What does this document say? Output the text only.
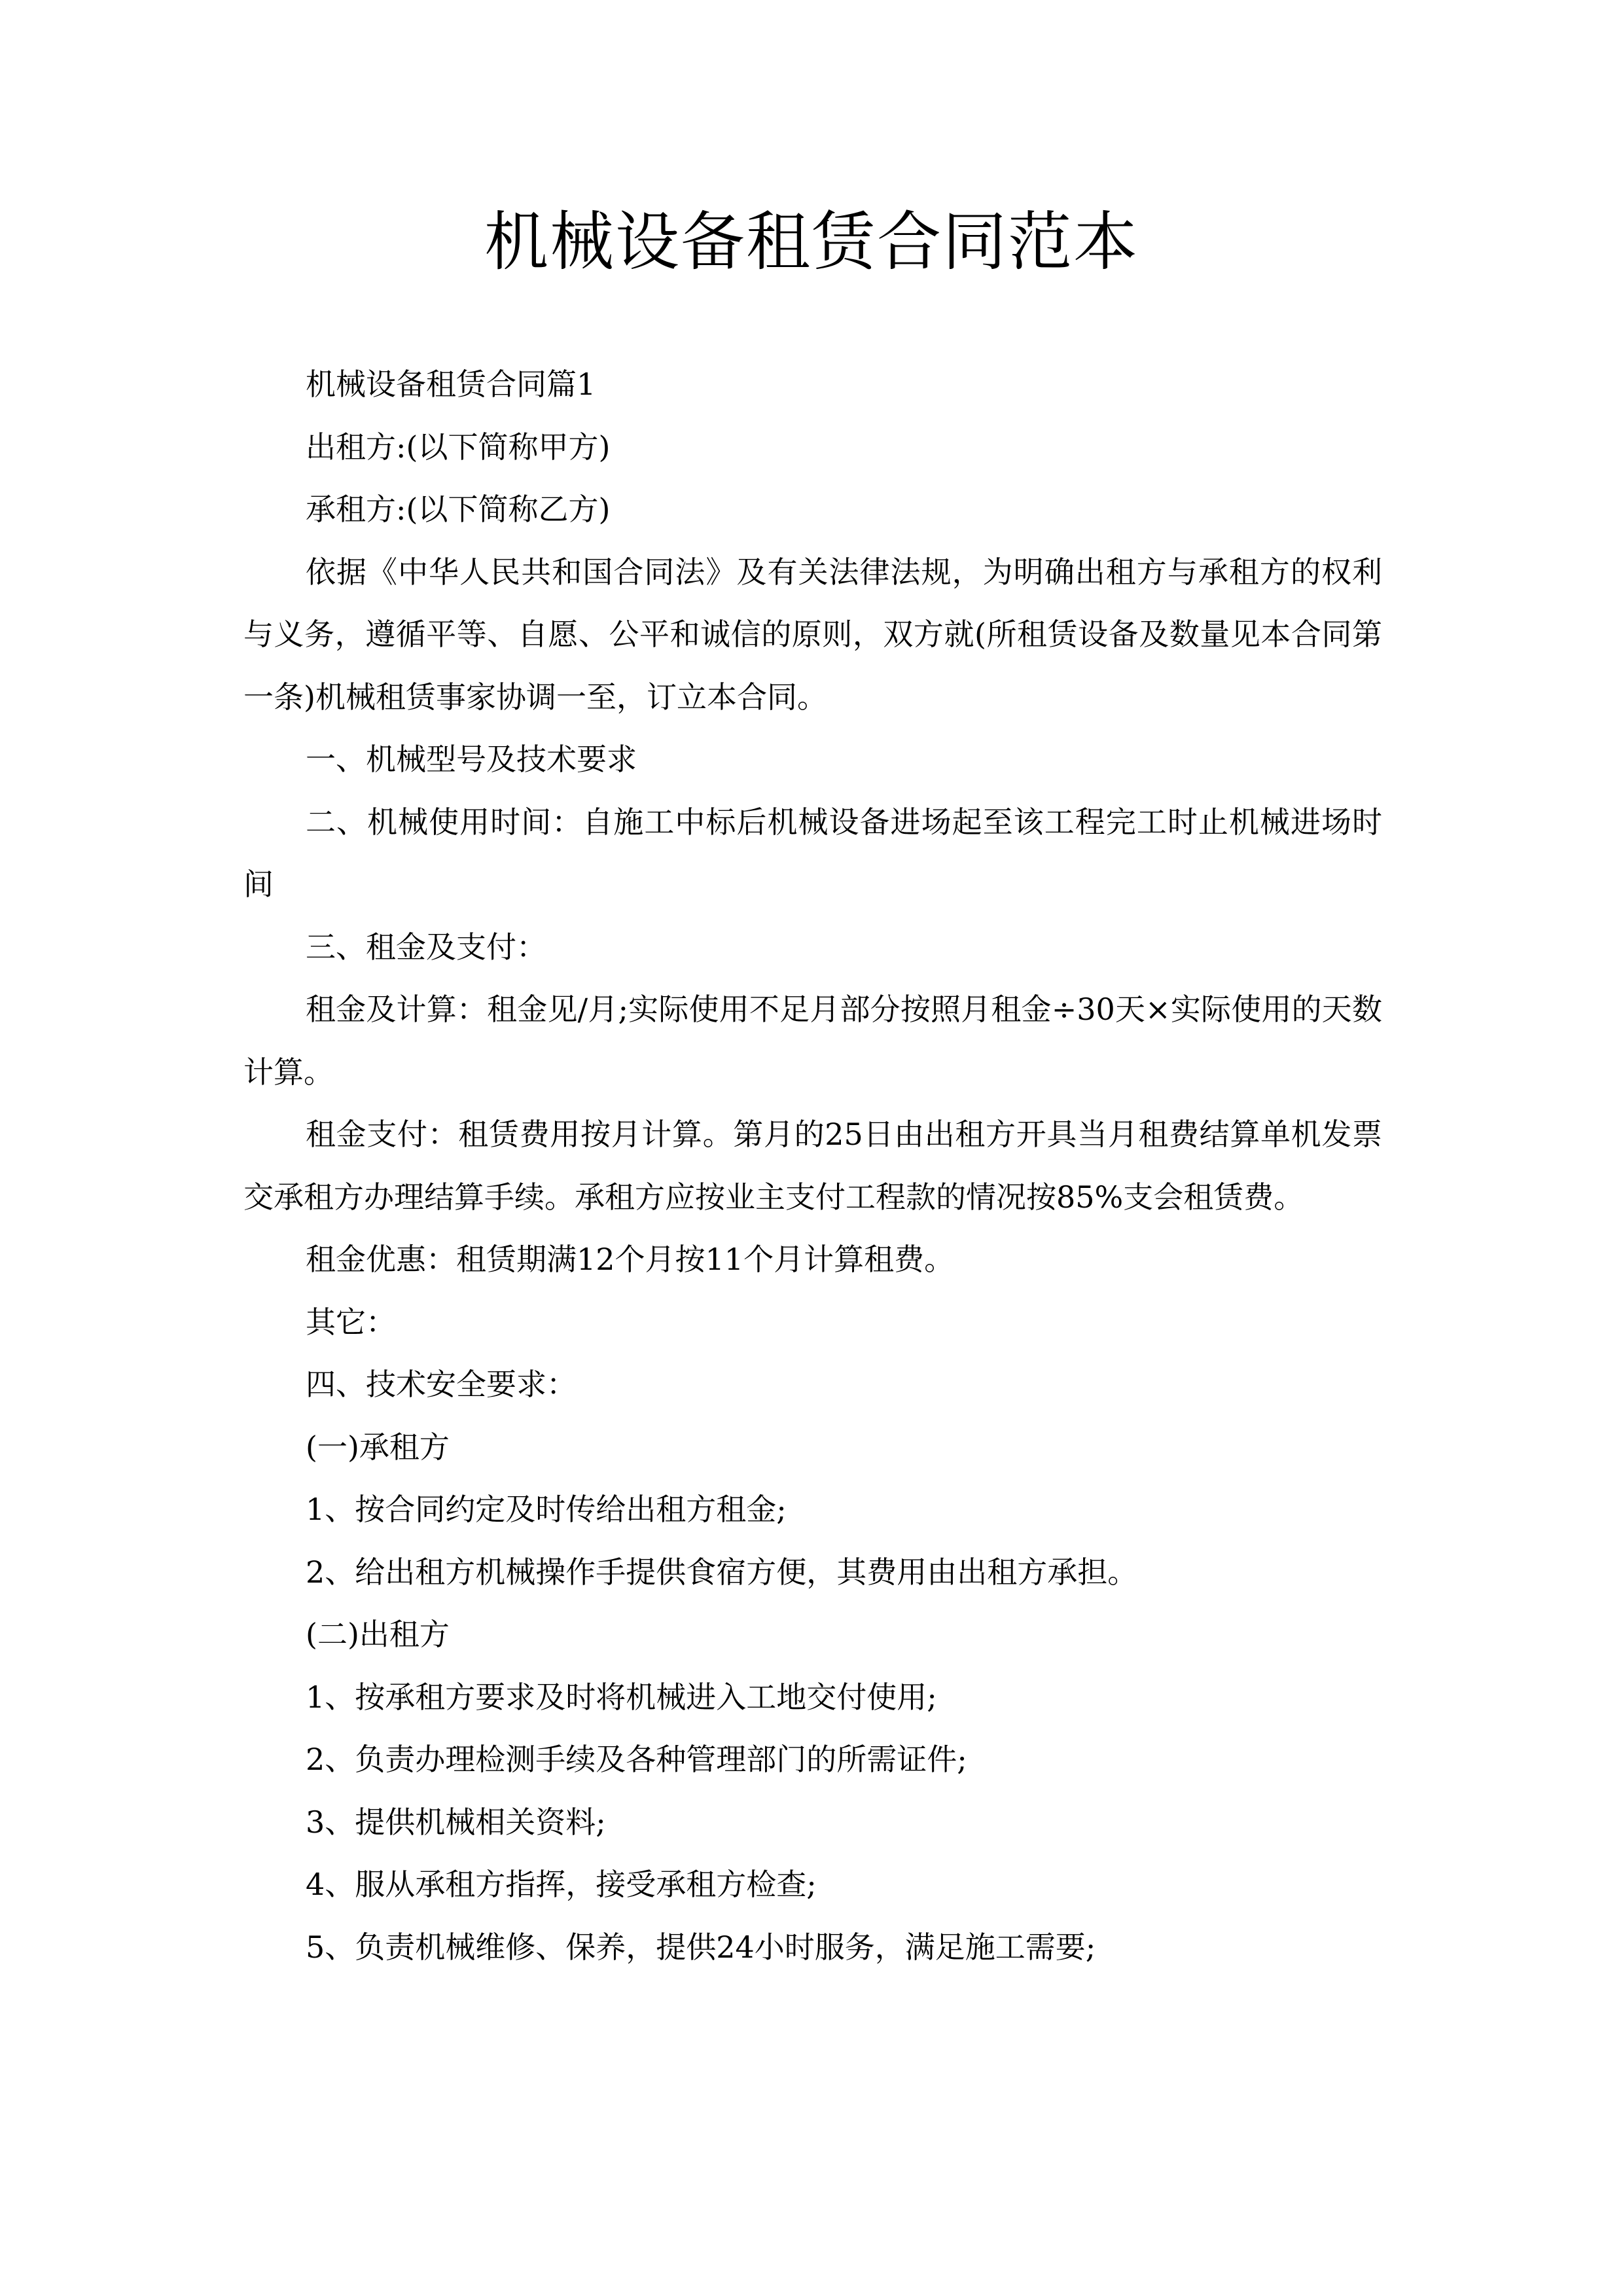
机械设备租赁合同范本

机械设备租赁合同篇1

出租方:(以下简称甲方)

承租方:(以下简称乙方)

依据《中华人民共和国合同法》及有关法律法规，为明确出租方与承租方的权利与义务，遵循平等、自愿、公平和诚信的原则，双方就(所租赁设备及数量见本合同第一条)机械租赁事家协调一至，订立本合同。

一、机械型号及技术要求

二、机械使用时间：自施工中标后机械设备进场起至该工程完工时止机械进场时间

三、租金及支付：

租金及计算：租金见/月;实际使用不足月部分按照月租金÷30天×实际使用的天数计算。

租金支付：租赁费用按月计算。第月的25日由出租方开具当月租费结算单机发票交承租方办理结算手续。承租方应按业主支付工程款的情况按85%支会租赁费。

租金优惠：租赁期满12个月按11个月计算租费。

其它：

四、技术安全要求：

(一)承租方

1、按合同约定及时传给出租方租金;

2、给出租方机械操作手提供食宿方便，其费用由出租方承担。

(二)出租方

1、按承租方要求及时将机械进入工地交付使用;

2、负责办理检测手续及各种管理部门的所需证件;

3、提供机械相关资料;

4、服从承租方指挥，接受承租方检查;

5、负责机械维修、保养，提供24小时服务，满足施工需要;
